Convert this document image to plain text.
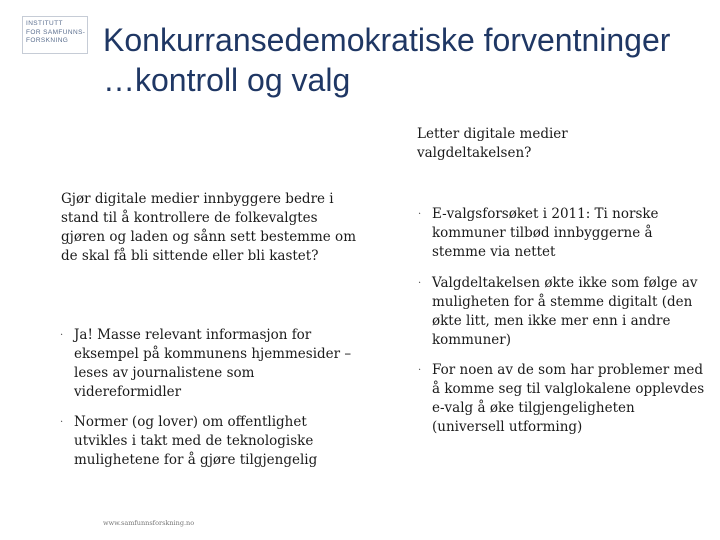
INSTITUTT
FOR SAMFUNNS-
FORSKNING	Konkurransedemokratiske forventninger
…kontroll og valg
Gjør digitale medier innbyggere bedre i stand til å kontrollere de folkevalgtes gjøren og laden og sånn sett bestemme om de skal få bli sittende eller bli kastet?
· Ja! Masse relevant informasjon for eksempel på kommunens hjemmesider – leses av journalistene som videreformidler
· Normer (og lover) om offentlighet utvikles i takt med de teknologiske mulighetene for å gjøre tilgjengelig
Letter digitale medier valgdeltakelsen?
· E-valgsforsøket i 2011: Ti norske kommuner tilbød innbyggerne å stemme via nettet
· Valgdeltakelsen økte ikke som følge av muligheten for å stemme digitalt (den økte litt, men ikke mer enn i andre kommuner)
· For noen av de som har problemer med å komme seg til valglokalene opplevdes e-valg å øke tilgjengeligheten (universell utforming)
www.samfunnsforskning.no
